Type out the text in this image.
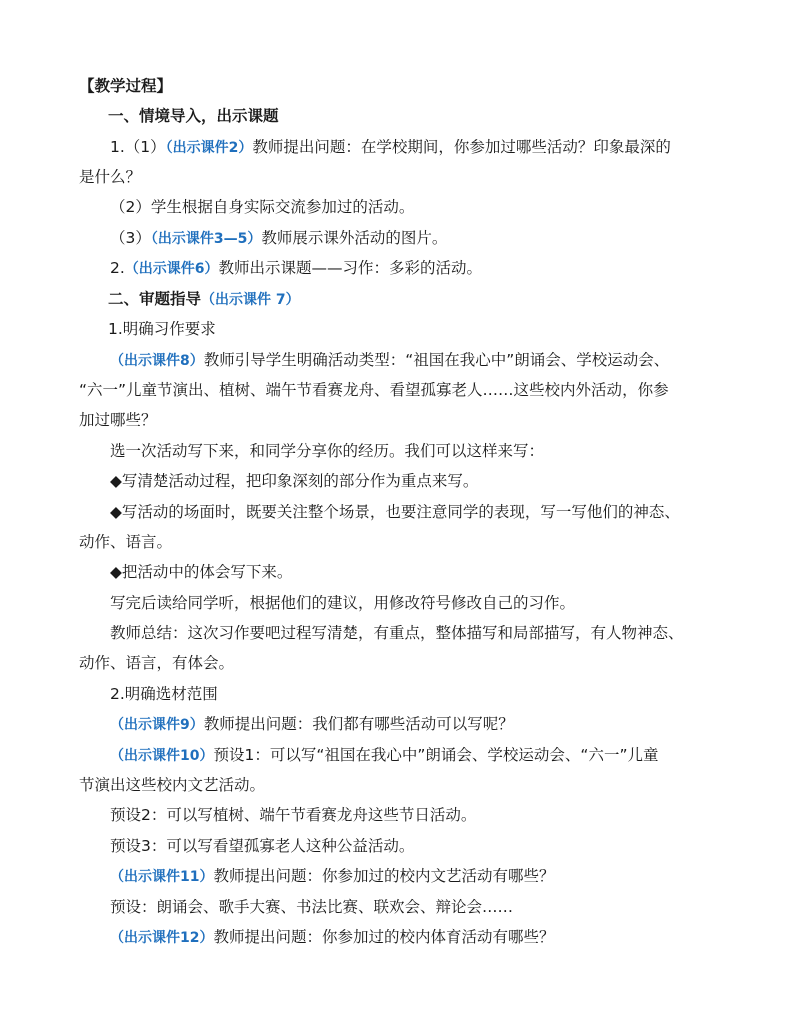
【教学过程】
一、情境导入，出示课题
1.（1）（出示课件2）教师提出问题：在学校期间，你参加过哪些活动？印象最深的
是什么？
（2）学生根据自身实际交流参加过的活动。
（3）（出示课件3—5）教师展示课外活动的图片。
2.（出示课件6）教师出示课题——习作：多彩的活动。
二、审题指导（出示课件 7）
1.明确习作要求
（出示课件8）教师引导学生明确活动类型：“祖国在我心中”朗诵会、学校运动会、
“六一”儿童节演出、植树、端午节看赛龙舟、看望孤寡老人……这些校内外活动，你参
加过哪些？
选一次活动写下来，和同学分享你的经历。我们可以这样来写：
◆写清楚活动过程，把印象深刻的部分作为重点来写。
◆写活动的场面时，既要关注整个场景，也要注意同学的表现，写一写他们的神态、
动作、语言。
◆把活动中的体会写下来。
写完后读给同学听，根据他们的建议，用修改符号修改自己的习作。
教师总结：这次习作要吧过程写清楚，有重点，整体描写和局部描写，有人物神态、
动作、语言，有体会。
2.明确选材范围
（出示课件9）教师提出问题：我们都有哪些活动可以写呢？
（出示课件10）预设1：可以写“祖国在我心中”朗诵会、学校运动会、“六一”儿童
节演出这些校内文艺活动。
预设2：可以写植树、端午节看赛龙舟这些节日活动。
预设3：可以写看望孤寡老人这种公益活动。
（出示课件11）教师提出问题：你参加过的校内文艺活动有哪些？
预设：朗诵会、歌手大赛、书法比赛、联欢会、辩论会……
（出示课件12）教师提出问题：你参加过的校内体育活动有哪些？
